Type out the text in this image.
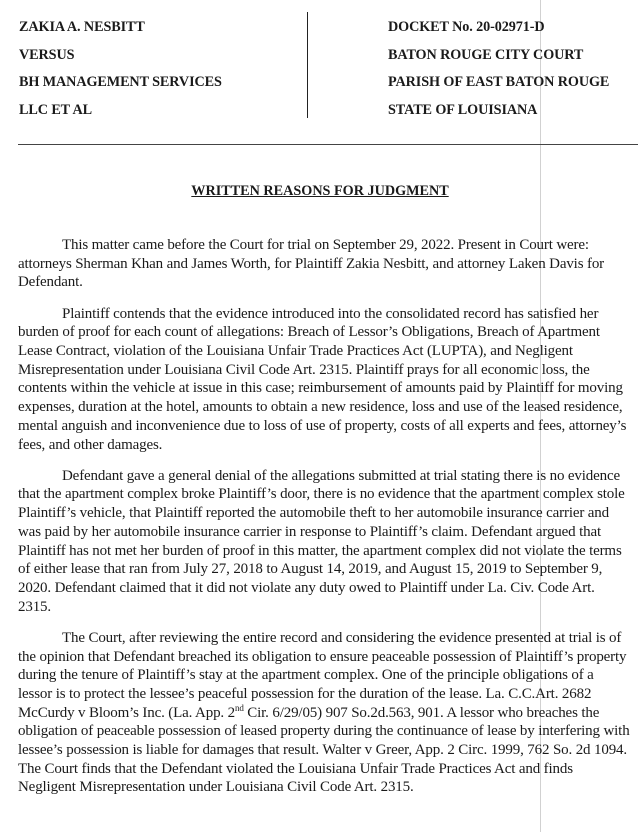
ZAKIA A. NESBITT
VERSUS
BH MANAGEMENT SERVICES
LLC ET AL
DOCKET No. 20-02971-D
BATON ROUGE CITY COURT
PARISH OF EAST BATON ROUGE
STATE OF LOUISIANA
WRITTEN REASONS FOR JUDGMENT

This matter came before the Court for trial on September 29, 2022. Present in Court were: attorneys Sherman Khan and James Worth, for Plaintiff Zakia Nesbitt, and attorney Laken Davis for Defendant.

Plaintiff contends that the evidence introduced into the consolidated record has satisfied her burden of proof for each count of allegations: Breach of Lessor’s Obligations, Breach of Apartment Lease Contract, violation of the Louisiana Unfair Trade Practices Act (LUPTA), and Negligent Misrepresentation under Louisiana Civil Code Art. 2315. Plaintiff prays for all economic loss, the contents within the vehicle at issue in this case; reimbursement of amounts paid by Plaintiff for moving expenses, duration at the hotel, amounts to obtain a new residence, loss and use of the leased residence, mental anguish and inconvenience due to loss of use of property, costs of all experts and fees, attorney’s fees, and other damages.

Defendant gave a general denial of the allegations submitted at trial stating there is no evidence that the apartment complex broke Plaintiff’s door, there is no evidence that the apartment complex stole Plaintiff’s vehicle, that Plaintiff reported the automobile theft to her automobile insurance carrier and was paid by her automobile insurance carrier in response to Plaintiff’s claim. Defendant argued that Plaintiff has not met her burden of proof in this matter, the apartment complex did not violate the terms of either lease that ran from July 27, 2018 to August 14, 2019, and August 15, 2019 to September 9, 2020. Defendant claimed that it did not violate any duty owed to Plaintiff under La. Civ. Code Art. 2315.

The Court, after reviewing the entire record and considering the evidence presented at trial is of the opinion that Defendant breached its obligation to ensure peaceable possession of Plaintiff’s property during the tenure of Plaintiff’s stay at the apartment complex. One of the principle obligations of a lessor is to protect the lessee’s peaceful possession for the duration of the lease. La. C.C.Art. 2682 McCurdy v Bloom’s Inc. (La. App. 2nd Cir. 6/29/05) 907 So.2d.563, 901. A lessor who breaches the obligation of peaceable possession of leased property during the continuance of lease by interfering with lessee’s possession is liable for damages that result. Walter v Greer, App. 2 Circ. 1999, 762 So. 2d 1094. The Court finds that the Defendant violated the Louisiana Unfair Trade Practices Act and finds Negligent Misrepresentation under Louisiana Civil Code Art. 2315.
